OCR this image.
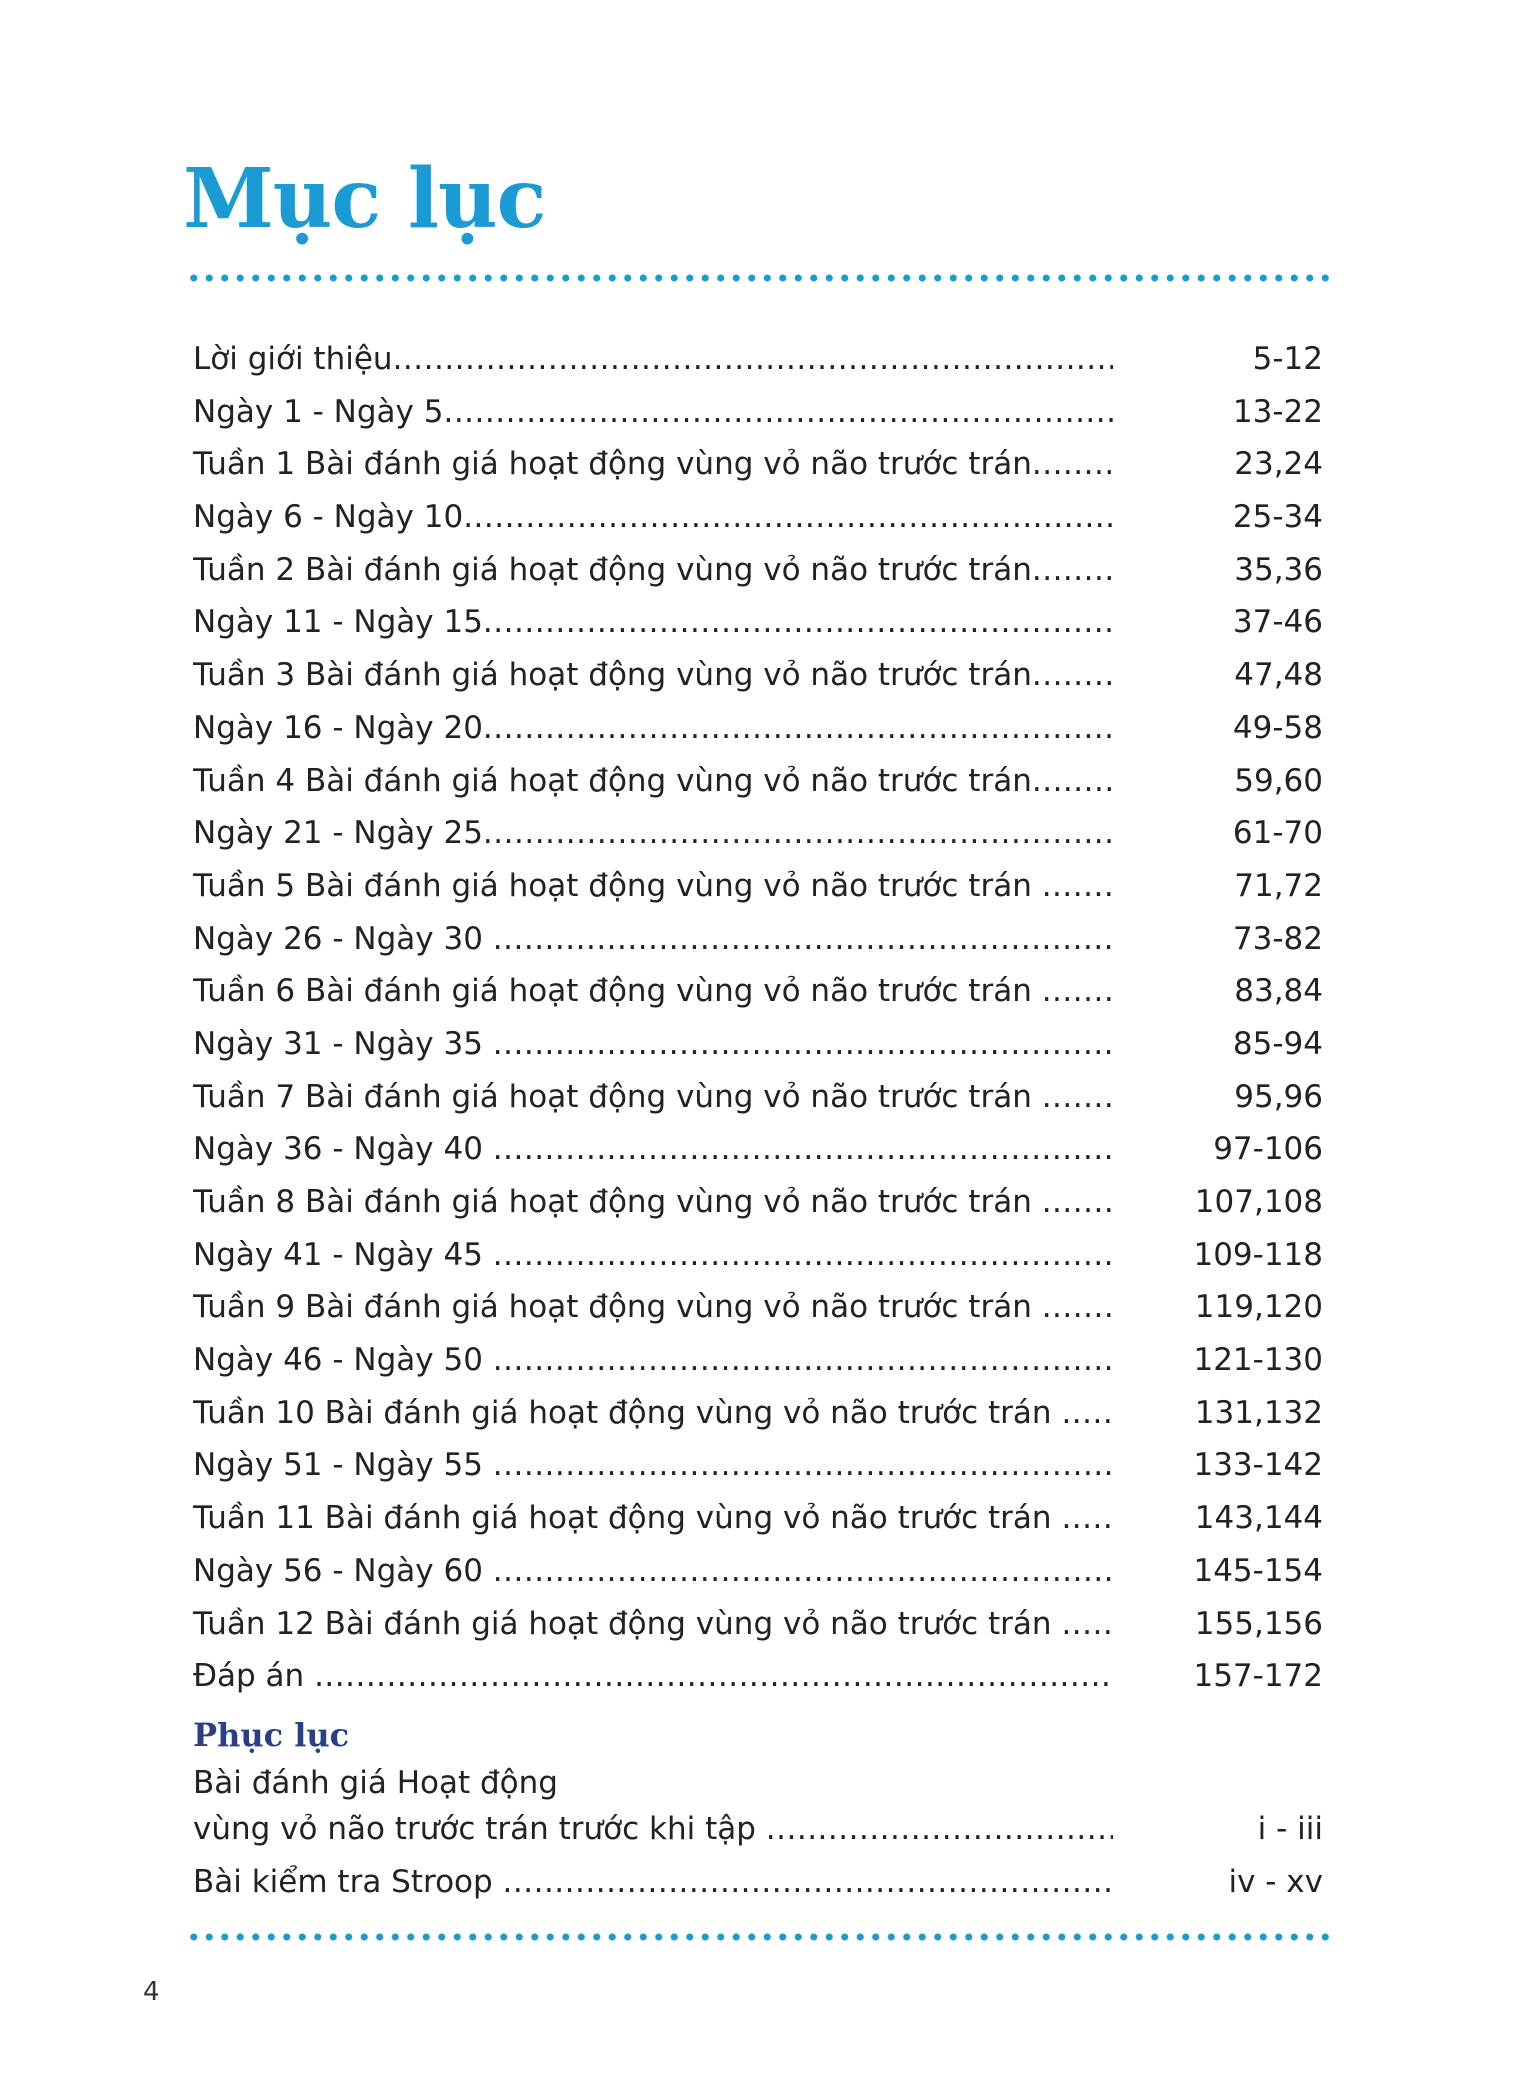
Mục lục
Lời giới thiệu .....	5-12
Ngày 1 - Ngày 5 .....	13-22
Tuần 1 Bài đánh giá hoạt động vùng vỏ não trước trán .....	23,24
Ngày 6 - Ngày 10 .....	25-34
Tuần 2 Bài đánh giá hoạt động vùng vỏ não trước trán .....	35,36
Ngày 11 - Ngày 15 .....	37-46
Tuần 3 Bài đánh giá hoạt động vùng vỏ não trước trán .....	47,48
Ngày 16 - Ngày 20 .....	49-58
Tuần 4 Bài đánh giá hoạt động vùng vỏ não trước trán .....	59,60
Ngày 21 - Ngày 25 .....	61-70
Tuần 5 Bài đánh giá hoạt động vùng vỏ não trước trán .....	71,72
Ngày 26 - Ngày 30 .....	73-82
Tuần 6 Bài đánh giá hoạt động vùng vỏ não trước trán .....	83,84
Ngày 31 - Ngày 35 .....	85-94
Tuần 7 Bài đánh giá hoạt động vùng vỏ não trước trán .....	95,96
Ngày 36 - Ngày 40 .....	97-106
Tuần 8 Bài đánh giá hoạt động vùng vỏ não trước trán .....	107,108
Ngày 41 - Ngày 45 .....	109-118
Tuần 9 Bài đánh giá hoạt động vùng vỏ não trước trán .....	119,120
Ngày 46 - Ngày 50 .....	121-130
Tuần 10 Bài đánh giá hoạt động vùng vỏ não trước trán .....	131,132
Ngày 51 - Ngày 55 .....	133-142
Tuần 11 Bài đánh giá hoạt động vùng vỏ não trước trán .....	143,144
Ngày 56 - Ngày 60 .....	145-154
Tuần 12 Bài đánh giá hoạt động vùng vỏ não trước trán .....	155,156
Đáp án .....	157-172
Phục lục
Bài đánh giá Hoạt động
vùng vỏ não trước trán trước khi tập .....	i - iii
Bài kiểm tra Stroop .....	iv - xv
4
